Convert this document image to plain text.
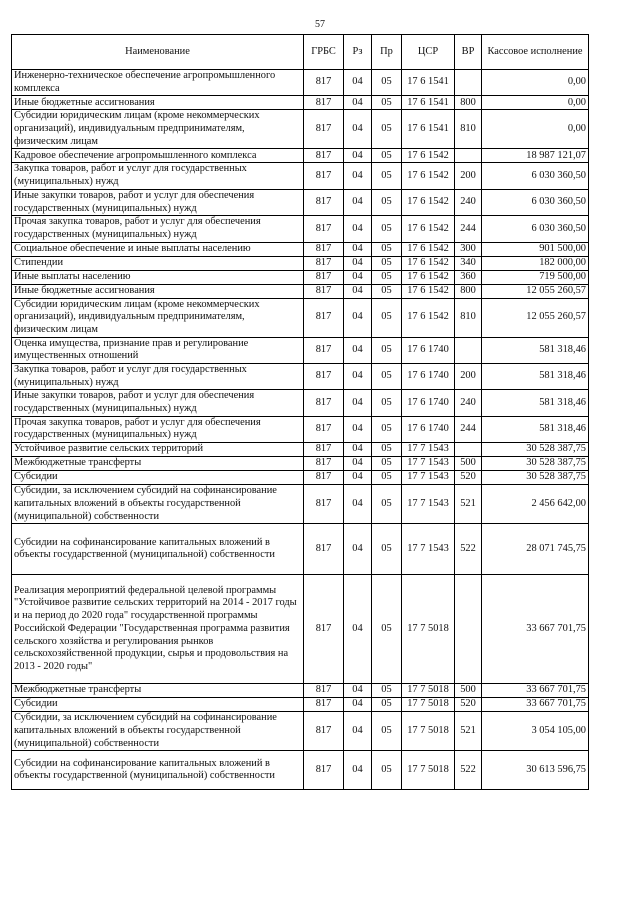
57
Наименование	ГРБС	Рз	Пр	ЦСР	ВР	Кассовое исполнение
Инженерно-техническое обеспечение агропромышленного комплекса	817	04	05	17 6 1541		0,00
Иные бюджетные ассигнования	817	04	05	17 6 1541	800	0,00
Субсидии юридическим лицам (кроме некоммерческих организаций), индивидуальным предпринимателям, физическим лицам	817	04	05	17 6 1541	810	0,00
Кадровое обеспечение агропромышленного комплекса	817	04	05	17 6 1542		18 987 121,07
Закупка товаров, работ и услуг для государственных (муниципальных) нужд	817	04	05	17 6 1542	200	6 030 360,50
Иные закупки товаров, работ и услуг для обеспечения государственных (муниципальных) нужд	817	04	05	17 6 1542	240	6 030 360,50
Прочая закупка товаров, работ и услуг для обеспечения государственных (муниципальных) нужд	817	04	05	17 6 1542	244	6 030 360,50
Социальное обеспечение и иные выплаты населению	817	04	05	17 6 1542	300	901 500,00
Стипендии	817	04	05	17 6 1542	340	182 000,00
Иные выплаты населению	817	04	05	17 6 1542	360	719 500,00
Иные бюджетные ассигнования	817	04	05	17 6 1542	800	12 055 260,57
Субсидии юридическим лицам (кроме некоммерческих организаций), индивидуальным предпринимателям, физическим лицам	817	04	05	17 6 1542	810	12 055 260,57
Оценка имущества, признание прав и регулирование имущественных отношений	817	04	05	17 6 1740		581 318,46
Закупка товаров, работ и услуг для государственных (муниципальных) нужд	817	04	05	17 6 1740	200	581 318,46
Иные закупки товаров, работ и услуг для обеспечения государственных (муниципальных) нужд	817	04	05	17 6 1740	240	581 318,46
Прочая закупка товаров, работ и услуг для обеспечения государственных (муниципальных) нужд	817	04	05	17 6 1740	244	581 318,46
Устойчивое развитие сельских территорий	817	04	05	17 7 1543		30 528 387,75
Межбюджетные трансферты	817	04	05	17 7 1543	500	30 528 387,75
Субсидии	817	04	05	17 7 1543	520	30 528 387,75
Субсидии, за исключением субсидий на софинансирование капитальных вложений в объекты государственной (муниципальной) собственности	817	04	05	17 7 1543	521	2 456 642,00
Субсидии на софинансирование капитальных вложений в объекты государственной (муниципальной) собственности	817	04	05	17 7 1543	522	28 071 745,75
Реализация мероприятий федеральной целевой программы "Устойчивое развитие сельских территорий на 2014 - 2017 годы и на период до 2020 года" государственной программы Российской Федерации "Государственная программа развития сельского хозяйства и регулирования рынков сельскохозяйственной продукции, сырья и продовольствия на 2013 - 2020 годы"	817	04	05	17 7 5018		33 667 701,75
Межбюджетные трансферты	817	04	05	17 7 5018	500	33 667 701,75
Субсидии	817	04	05	17 7 5018	520	33 667 701,75
Субсидии, за исключением субсидий на софинансирование капитальных вложений в объекты государственной (муниципальной) собственности	817	04	05	17 7 5018	521	3 054 105,00
Субсидии на софинансирование капитальных вложений в объекты государственной (муниципальной) собственности	817	04	05	17 7 5018	522	30 613 596,75
